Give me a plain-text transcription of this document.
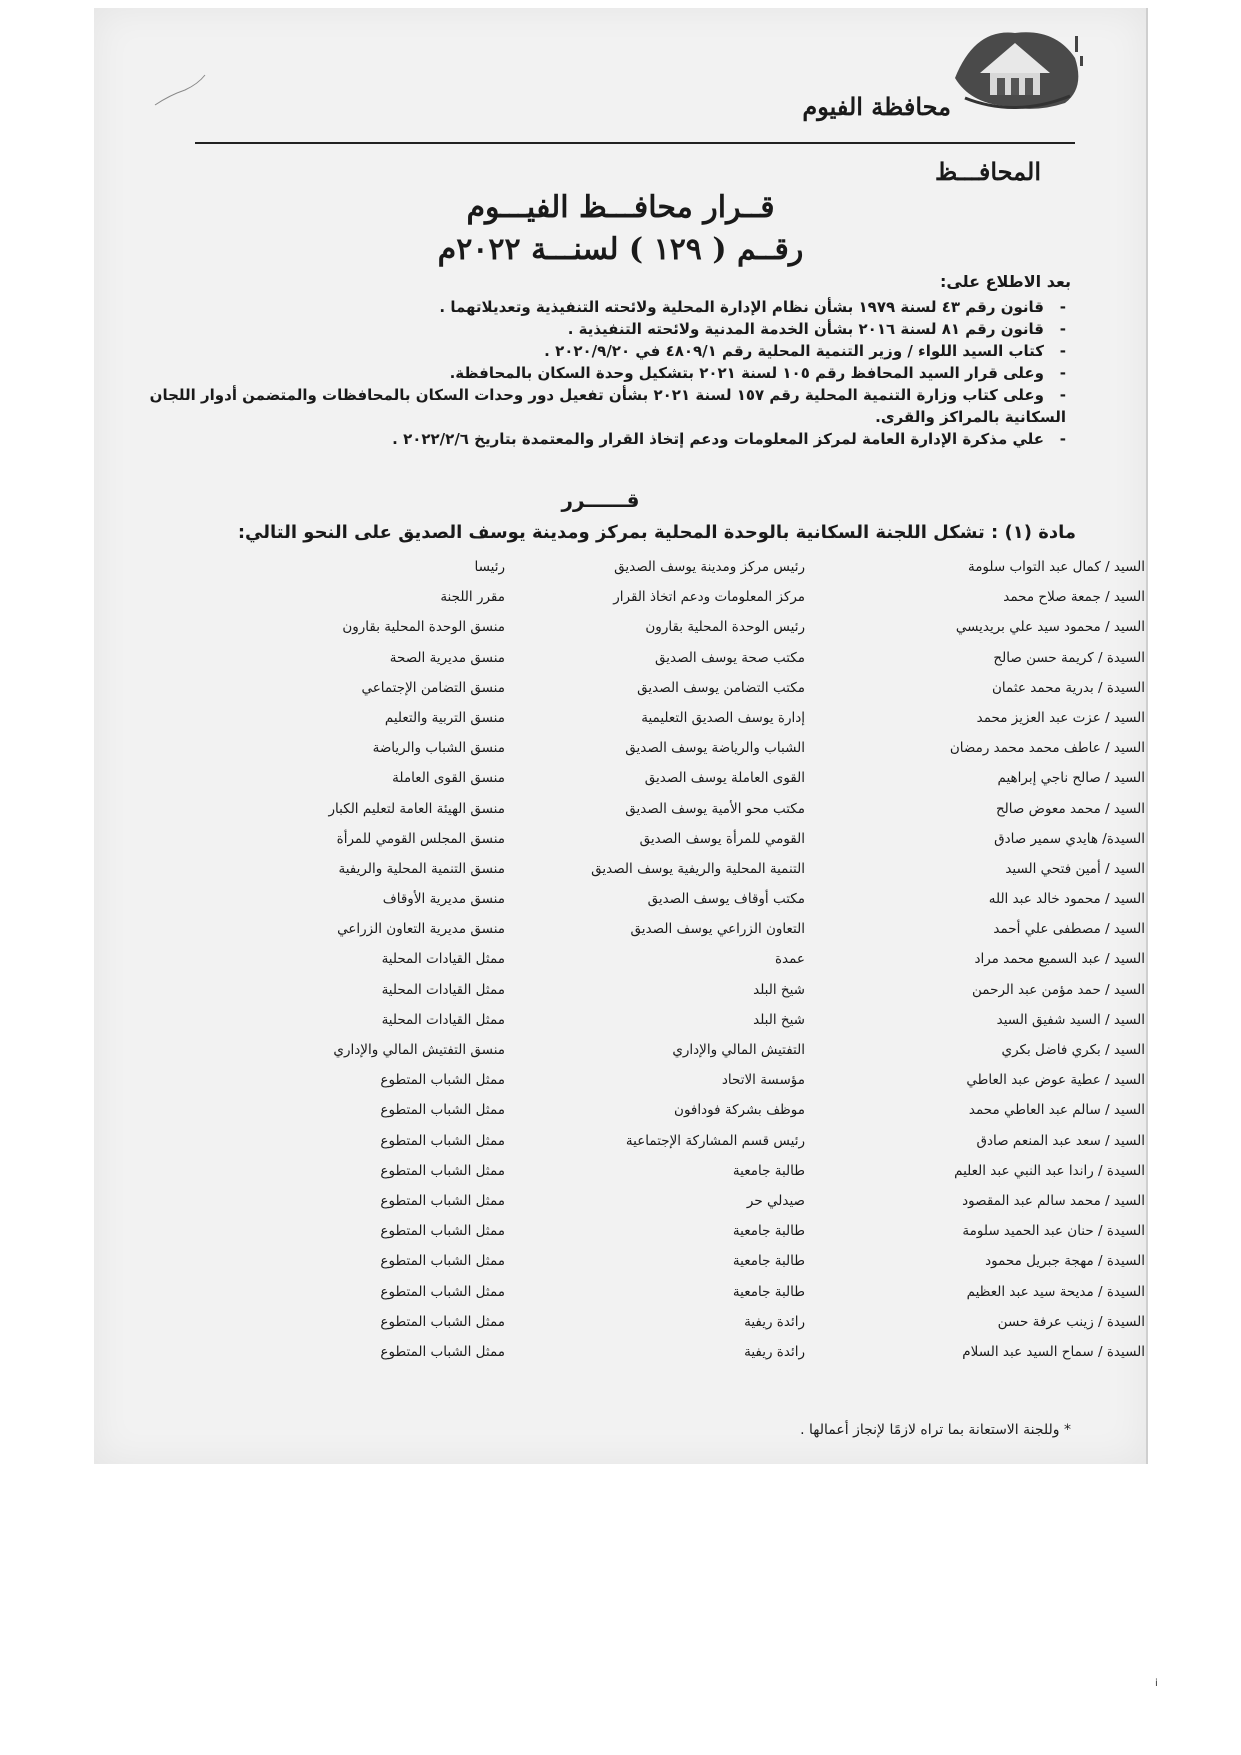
محافظة الفيوم
المحافـــظ
قــرار محافـــظ الفيـــوم
رقــم ( ١٢٩ ) لسنـــة ٢٠٢٢م
بعد الاطلاع على:
-قانون رقم ٤٣ لسنة ١٩٧٩ بشأن نظام الإدارة المحلية ولائحته التنفيذية وتعديلاتهما .
-قانون رقم ٨١ لسنة ٢٠١٦ بشأن الخدمة المدنية ولائحته التنفيذية .
-كتاب السيد اللواء / وزير التنمية المحلية رقم ٤٨٠٩/١ في ٢٠٢٠/٩/٢٠ .
-وعلى قرار السيد المحافظ رقم ١٠٥ لسنة ٢٠٢١ بتشكيل وحدة السكان بالمحافظة.
-وعلى كتاب وزارة التنمية المحلية رقم ١٥٧ لسنة ٢٠٢١ بشأن تفعيل دور وحدات السكان بالمحافظات والمتضمن أدوار اللجان السكانية بالمراكز والقرى.
-علي مذكرة الإدارة العامة لمركز المعلومات ودعم إتخاذ القرار والمعتمدة بتاريخ ٢٠٢٢/٢/٦ .
قــــــرر
مادة (١) : تشكل اللجنة السكانية بالوحدة المحلية بمركز ومدينة يوسف الصديق على النحو التالي:
السيد / كمال عبد التواب سلومة
رئيس مركز ومدينة يوسف الصديق
رئيسا
السيد / جمعة صلاح محمد
مركز المعلومات ودعم اتخاذ القرار
مقرر اللجنة
السيد / محمود سيد علي بريديسي
رئيس الوحدة المحلية بقارون
منسق الوحدة المحلية بقارون
السيدة / كريمة حسن صالح
مكتب صحة يوسف الصديق
منسق مديرية الصحة
السيدة / بدرية محمد عثمان
مكتب التضامن يوسف الصديق
منسق التضامن الإجتماعي
السيد / عزت عبد العزيز محمد
إدارة يوسف الصديق التعليمية
منسق التربية والتعليم
السيد / عاطف محمد محمد رمضان
الشباب والرياضة يوسف الصديق
منسق الشباب والرياضة
السيد / صالح ناجي إبراهيم
القوى العاملة يوسف الصديق
منسق القوى العاملة
السيد / محمد معوض صالح
مكتب محو الأمية يوسف الصديق
منسق الهيئة العامة لتعليم الكبار
السيدة/ هايدي سمير صادق
القومي للمرأة يوسف الصديق
منسق المجلس القومي للمرأة
السيد / أمين فتحي السيد
التنمية المحلية والريفية يوسف الصديق
منسق التنمية المحلية والريفية
السيد / محمود خالد عبد الله
مكتب أوقاف يوسف الصديق
منسق مديرية الأوقاف
السيد / مصطفى علي أحمد
التعاون الزراعي يوسف الصديق
منسق مديرية التعاون الزراعي
السيد / عبد السميع محمد مراد
عمدة
ممثل القيادات المحلية
السيد / حمد مؤمن عبد الرحمن
شيخ البلد
ممثل القيادات المحلية
السيد / السيد شفيق السيد
شيخ البلد
ممثل القيادات المحلية
السيد / بكري فاضل بكري
التفتيش المالي والإداري
منسق التفتيش المالي والإداري
السيد / عطية عوض عبد العاطي
مؤسسة الاتحاد
ممثل الشباب المتطوع
السيد / سالم عبد العاطي محمد
موظف بشركة فودافون
ممثل الشباب المتطوع
السيد / سعد عبد المنعم صادق
رئيس قسم المشاركة الإجتماعية
ممثل الشباب المتطوع
السيدة / راندا عبد النبي عبد العليم
طالبة جامعية
ممثل الشباب المتطوع
السيد / محمد سالم عبد المقصود
صيدلي حر
ممثل الشباب المتطوع
السيدة / حنان عبد الحميد سلومة
طالبة جامعية
ممثل الشباب المتطوع
السيدة / مهجة جبريل محمود
طالبة جامعية
ممثل الشباب المتطوع
السيدة / مديحة سيد عبد العظيم
طالبة جامعية
ممثل الشباب المتطوع
السيدة / زينب عرفة حسن
رائدة ريفية
ممثل الشباب المتطوع
السيدة / سماح السيد عبد السلام
رائدة ريفية
ممثل الشباب المتطوع
* وللجنة الاستعانة بما تراه لازمًا لإنجاز أعمالها .
i
